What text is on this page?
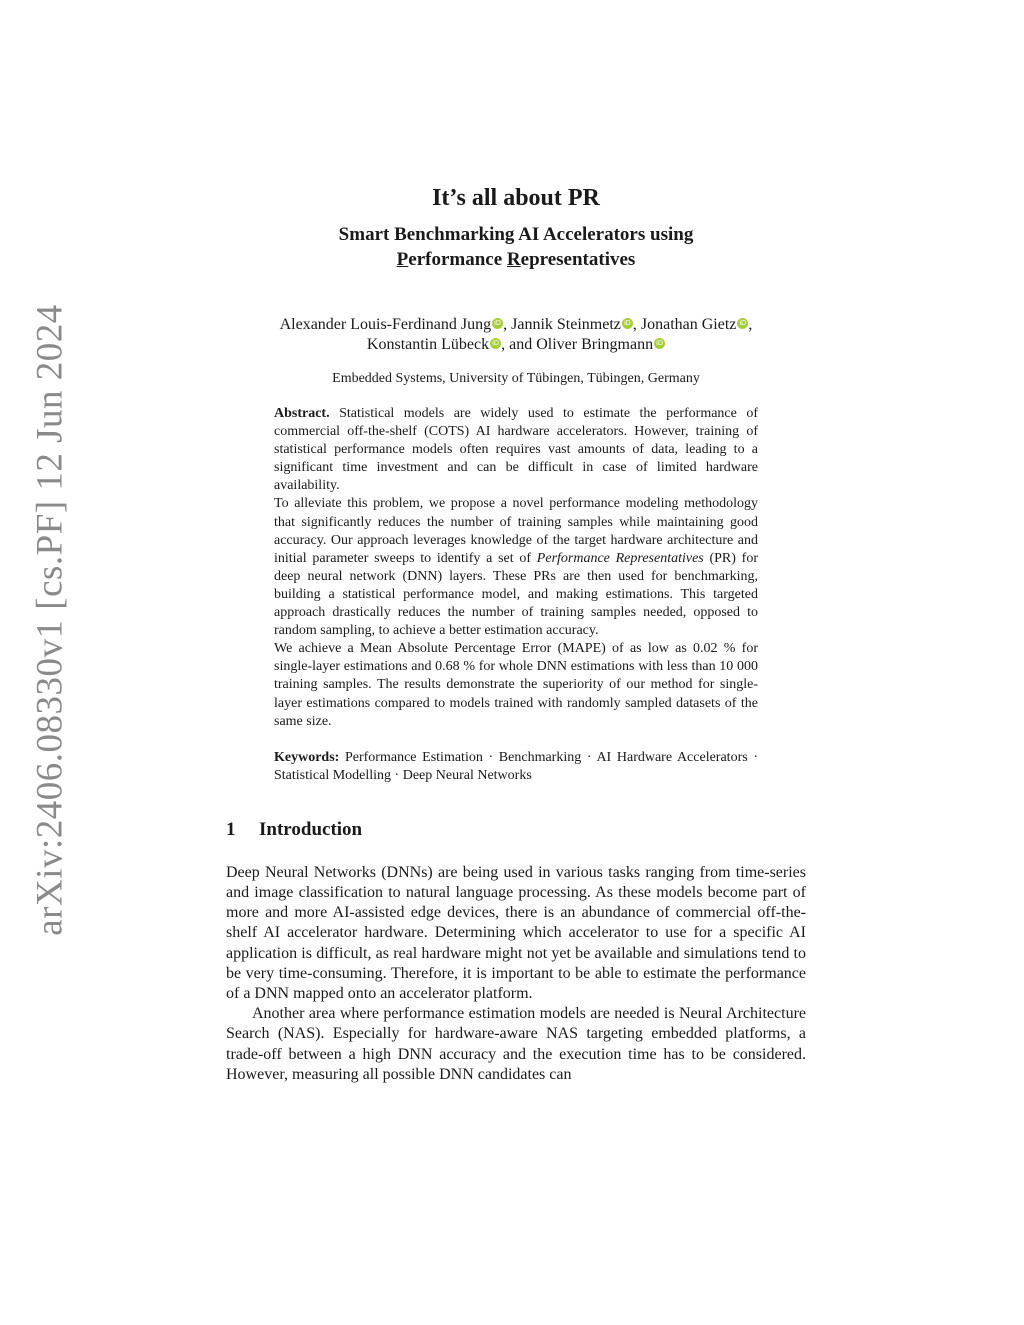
arXiv:2406.08330v1 [cs.PF] 12 Jun 2024
It’s all about PR
Smart Benchmarking AI Accelerators using
Performance Representatives
Alexander Louis-Ferdinand Jung iD , Jannik Steinmetz iD , Jonathan Gietz iD ,
Konstantin Lübeck iD , and Oliver Bringmann iD
Embedded Systems, University of Tübingen, Tübingen, Germany

Abstract. Statistical models are widely used to estimate the performance of commercial off-the-shelf (COTS) AI hardware accelerators. However, training of statistical performance models often requires vast amounts of data, leading to a significant time investment and can be difficult in case of limited hardware availability.

To alleviate this problem, we propose a novel performance modeling methodology that significantly reduces the number of training samples while maintaining good accuracy. Our approach leverages knowledge of the target hardware architecture and initial parameter sweeps to identify a set of Performance Representatives (PR) for deep neural network (DNN) layers. These PRs are then used for benchmarking, building a statistical performance model, and making estimations. This targeted approach drastically reduces the number of training samples needed, opposed to random sampling, to achieve a better estimation accuracy.

We achieve a Mean Absolute Percentage Error (MAPE) of as low as 0.02 % for single-layer estimations and 0.68 % for whole DNN estimations with less than 10 000 training samples. The results demonstrate the superiority of our method for single-layer estimations compared to models trained with randomly sampled datasets of the same size.

Keywords: Performance Estimation · Benchmarking · AI Hardware Accelerators · Statistical Modelling · Deep Neural Networks
1 Introduction

Deep Neural Networks (DNNs) are being used in various tasks ranging from time-series and image classification to natural language processing. As these models become part of more and more AI-assisted edge devices, there is an abundance of commercial off-the-shelf AI accelerator hardware. Determining which accelerator to use for a specific AI application is difficult, as real hardware might not yet be available and simulations tend to be very time-consuming. Therefore, it is important to be able to estimate the performance of a DNN mapped onto an accelerator platform.

Another area where performance estimation models are needed is Neural Architecture Search (NAS). Especially for hardware-aware NAS targeting embedded platforms, a trade-off between a high DNN accuracy and the execution time has to be considered. However, measuring all possible DNN candidates can
